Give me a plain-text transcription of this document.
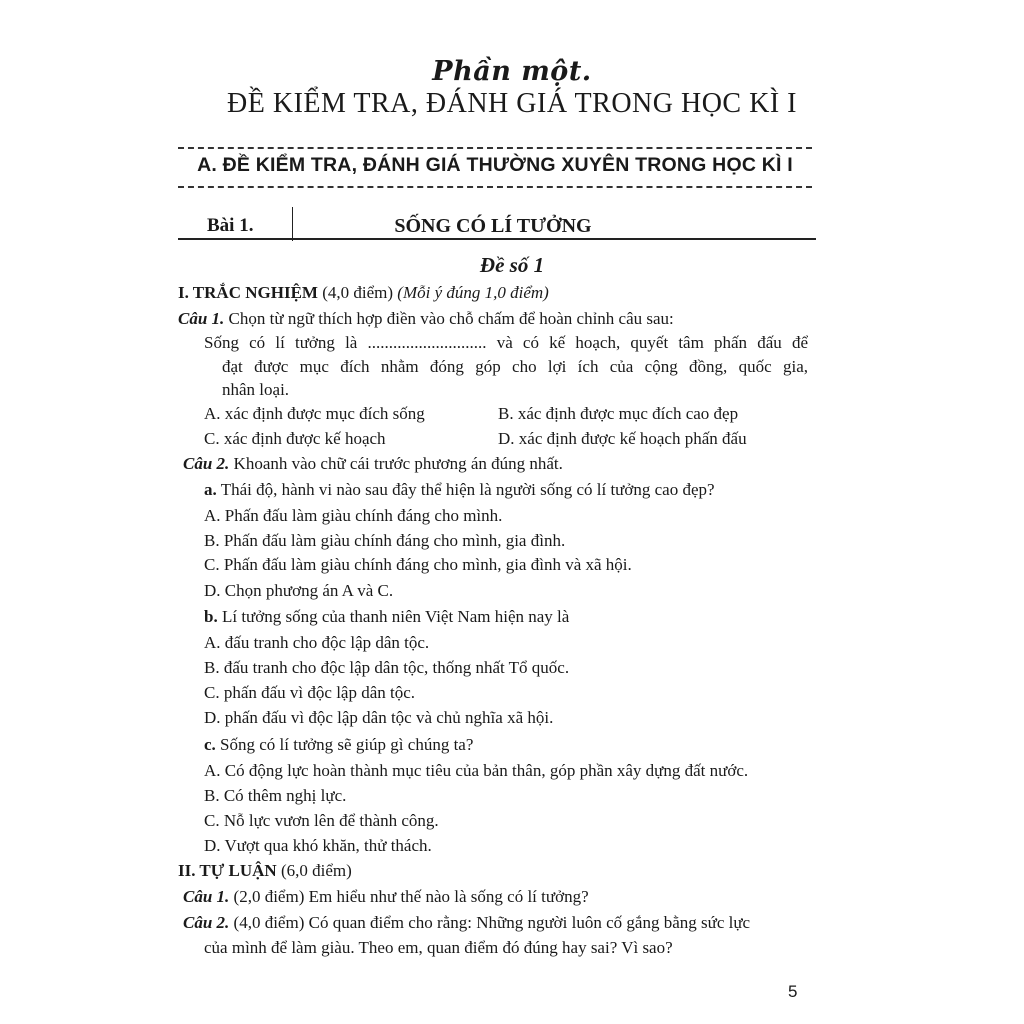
Phần một.
ĐỀ KIỂM TRA, ĐÁNH GIÁ TRONG HỌC KÌ I
A. ĐỀ KIỂM TRA, ĐÁNH GIÁ THƯỜNG XUYÊN TRONG HỌC KÌ I
Bài 1.	SỐNG CÓ LÍ TƯỞNG
Đề số 1
I. TRẮC NGHIỆM (4,0 điểm) (Mỗi ý đúng 1,0 điểm)
Câu 1. Chọn từ ngữ thích hợp điền vào chỗ chấm để hoàn chỉnh câu sau:
Sống có lí tưởng là ............................ và có kế hoạch, quyết tâm phấn đấu để
đạt được mục đích nhằm đóng góp cho lợi ích của cộng đồng, quốc gia,
nhân loại.
A. xác định được mục đích sống	B. xác định được mục đích cao đẹp
C. xác định được kế hoạch	D. xác định được kế hoạch phấn đấu
Câu 2. Khoanh vào chữ cái trước phương án đúng nhất.
a. Thái độ, hành vi nào sau đây thể hiện là người sống có lí tưởng cao đẹp?
A. Phấn đấu làm giàu chính đáng cho mình.
B. Phấn đấu làm giàu chính đáng cho mình, gia đình.
C. Phấn đấu làm giàu chính đáng cho mình, gia đình và xã hội.
D. Chọn phương án A và C.
b. Lí tưởng sống của thanh niên Việt Nam hiện nay là
A. đấu tranh cho độc lập dân tộc.
B. đấu tranh cho độc lập dân tộc, thống nhất Tổ quốc.
C. phấn đấu vì độc lập dân tộc.
D. phấn đấu vì độc lập dân tộc và chủ nghĩa xã hội.
c. Sống có lí tưởng sẽ giúp gì chúng ta?
A. Có động lực hoàn thành mục tiêu của bản thân, góp phần xây dựng đất nước.
B. Có thêm nghị lực.
C. Nỗ lực vươn lên để thành công.
D. Vượt qua khó khăn, thử thách.
II. TỰ LUẬN (6,0 điểm)
Câu 1. (2,0 điểm) Em hiểu như thế nào là sống có lí tưởng?
Câu 2. (4,0 điểm) Có quan điểm cho rằng: Những người luôn cố gắng bằng sức lực
của mình để làm giàu. Theo em, quan điểm đó đúng hay sai? Vì sao?
5
